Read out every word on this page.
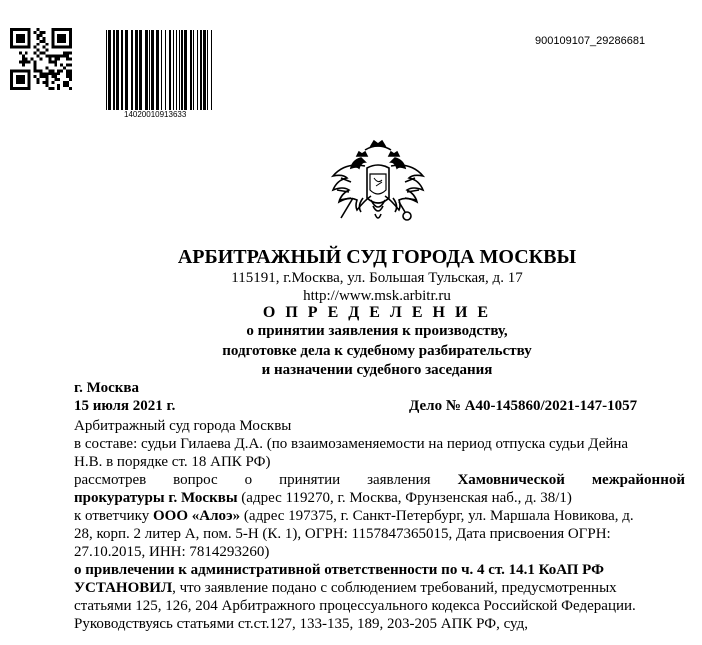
14020010913633
900109107_29286681
АРБИТРАЖНЫЙ СУД ГОРОДА МОСКВЫ
115191, г.Москва, ул. Большая Тульская, д. 17
http://www.msk.arbitr.ru
О П Р Е Д Е Л Е Н И Е
о принятии заявления к производству,
подготовке дела к судебному разбирательству
и назначении судебного заседания
г. Москва
15 июля 2021 г.	Дело № А40-145860/2021-147-1057
Арбитражный суд города Москвы
в составе: судьи Гилаева Д.А. (по взаимозаменяемости на период отпуска судьи Дейна
Н.В. в порядке ст. 18 АПК РФ)
рассмотрев вопрос о принятии заявления Хамовнической межрайонной
прокуратуры г. Москвы (адрес 119270, г. Москва, Фрунзенская наб., д. 38/1)
к ответчику ООО «Алоэ» (адрес 197375, г. Санкт-Петербург, ул. Маршала Новикова, д.
28, корп. 2 литер А, пом. 5-Н (К. 1), ОГРН: 1157847365015, Дата присвоения ОГРН:
27.10.2015, ИНН: 7814293260)
о привлечении к административной ответственности по ч. 4 ст. 14.1 КоАП РФ
УСТАНОВИЛ, что заявление подано с соблюдением требований, предусмотренных
статьями 125, 126, 204 Арбитражного процессуального кодекса Российской Федерации.
Руководствуясь статьями ст.ст.127, 133-135, 189, 203-205 АПК РФ, суд,
